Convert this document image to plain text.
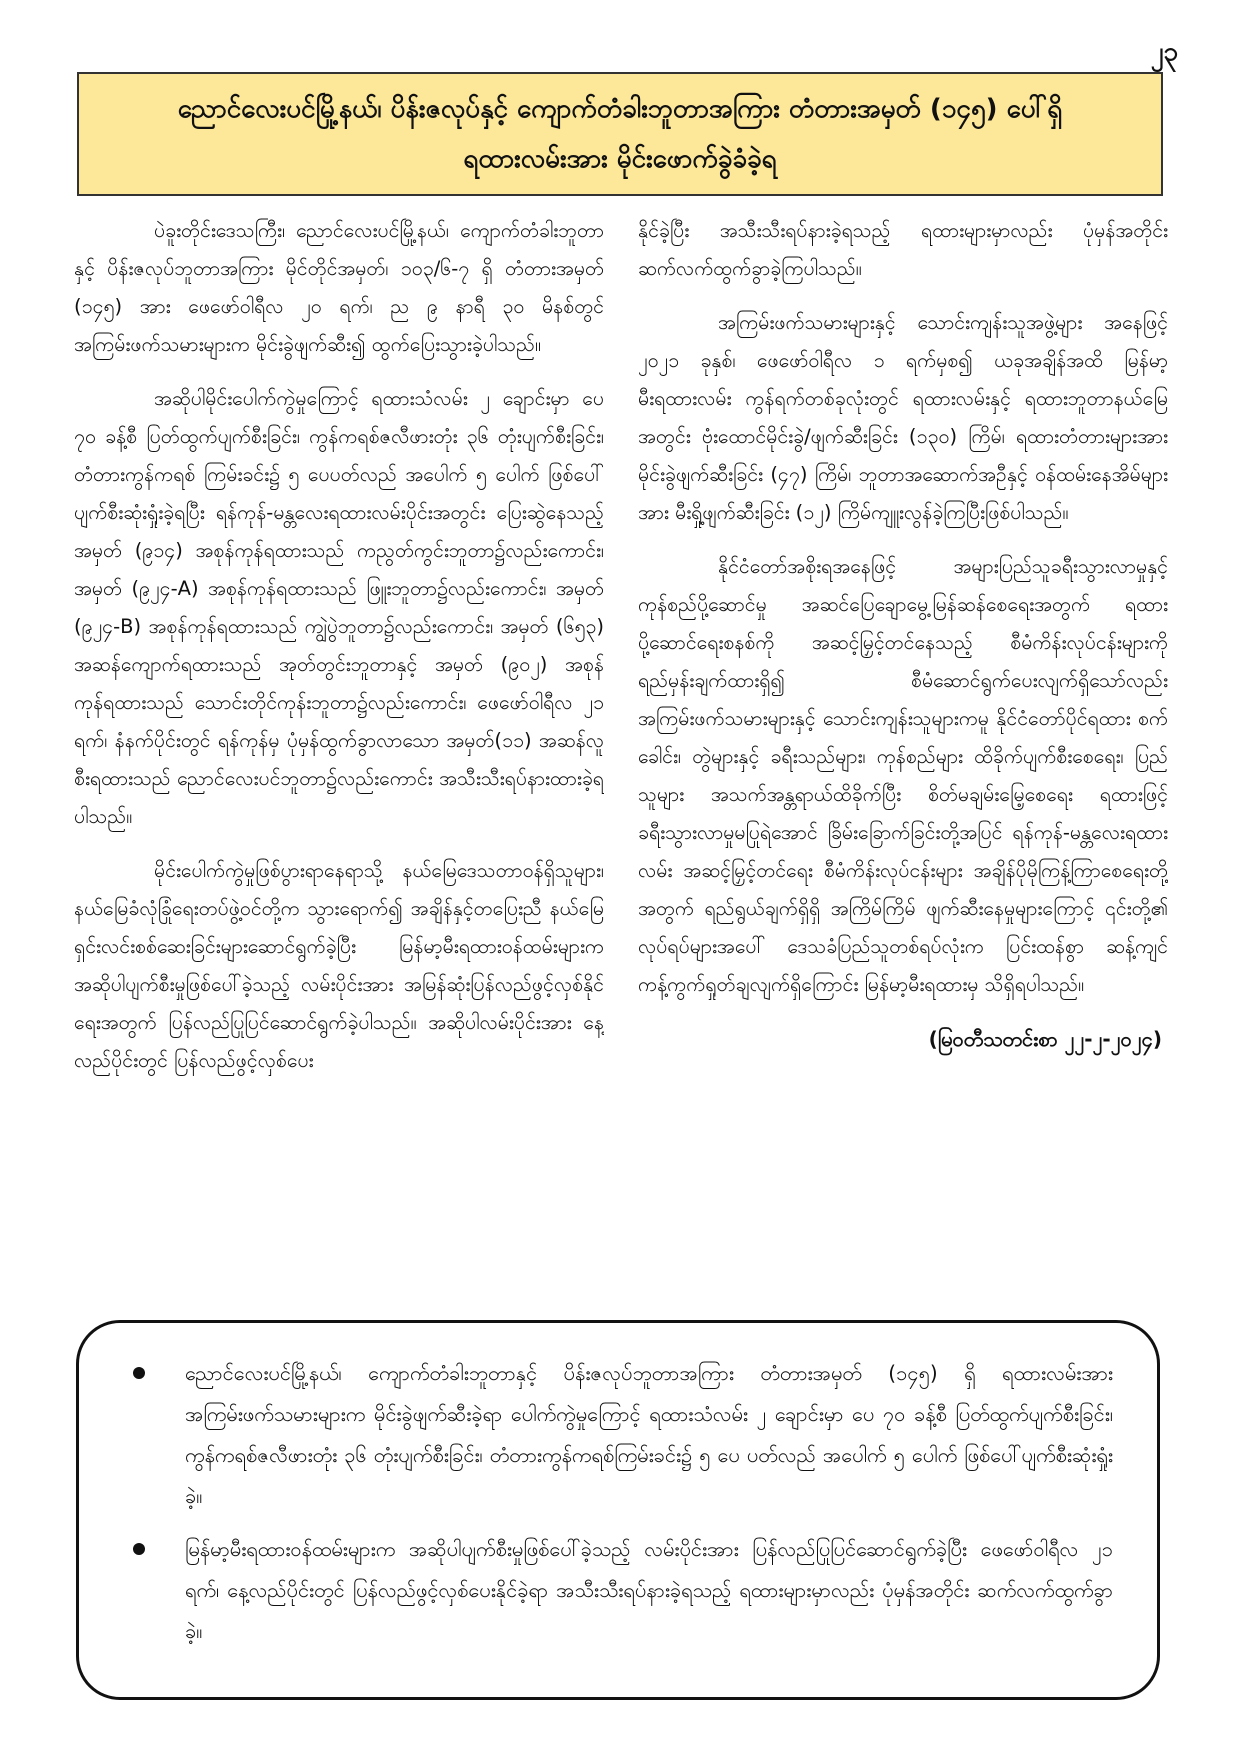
၂၃
ညောင်လေးပင်မြို့နယ်၊ ပိန်းဇလုပ်နှင့် ကျောက်တံခါးဘူတာအကြား တံတားအမှတ် (၁၄၅) ပေါ်ရှိ
ရထားလမ်းအား မိုင်းဖောက်ခွဲခံခဲ့ရ

ပဲခူးတိုင်းဒေသကြီး၊ ညောင်လေးပင်မြို့နယ်၊ ကျောက်တံခါးဘူတာနှင့် ပိန်းဇလုပ်ဘူတာအကြား မိုင်တိုင်အမှတ်၊ ၁၀၃/၆-၇ ရှိ တံတားအမှတ် (၁၄၅) အား ဖေဖော်ဝါရီလ ၂၀ ရက်၊ ည ၉ နာရီ ၃၀ မိနစ်တွင် အကြမ်းဖက်သမားများက မိုင်းခွဲဖျက်ဆီး၍ ထွက်ပြေးသွားခဲ့ပါသည်။

အဆိုပါမိုင်းပေါက်ကွဲမှုကြောင့် ရထားသံလမ်း ၂ ချောင်းမှာ ပေ ၇၀ ခန့်စီ ပြတ်ထွက်ပျက်စီးခြင်း၊ ကွန်ကရစ်ဇလီဖားတုံး ၃၆ တုံးပျက်စီးခြင်း၊ တံတားကွန်ကရစ် ကြမ်းခင်း၌ ၅ ပေပတ်လည် အပေါက် ၅ ပေါက် ဖြစ်ပေါ်ပျက်စီးဆုံးရှုံးခဲ့ရပြီး ရန်ကုန်-မန္တလေးရထားလမ်းပိုင်းအတွင်း ပြေးဆွဲနေသည့် အမှတ် (၉၁၄) အစုန်ကုန်ရထားသည် ကညွတ်ကွင်းဘူတာ၌လည်းကောင်း၊ အမှတ် (၉၂၄-A) အစုန်ကုန်ရထားသည် ဖြူးဘူတာ၌လည်းကောင်း၊ အမှတ် (၉၂၄-B) အစုန်ကုန်ရထားသည် ကျွဲပွဲဘူတာ၌လည်းကောင်း၊ အမှတ် (၆၅၃) အဆန်ကျောက်ရထားသည် အုတ်တွင်းဘူတာနှင့် အမှတ် (၉၀၂) အစုန်ကုန်ရထားသည် သောင်းတိုင်ကုန်းဘူတာ၌လည်းကောင်း၊ ဖေဖော်ဝါရီလ ၂၁ ရက်၊ နံနက်ပိုင်းတွင် ရန်ကုန်မှ ပုံမှန်ထွက်ခွာလာသော အမှတ်(၁၁) အဆန်လူစီးရထားသည် ညောင်လေးပင်ဘူတာ၌လည်းကောင်း အသီးသီးရပ်နားထားခဲ့ရပါသည်။

မိုင်းပေါက်ကွဲမှုဖြစ်ပွားရာနေရာသို့ နယ်မြေဒေသတာဝန်ရှိသူများ၊ နယ်မြေခံလုံခြုံရေးတပ်ဖွဲ့ဝင်တို့က သွားရောက်၍ အချိန်နှင့်တပြေးညီ နယ်မြေရှင်းလင်းစစ်ဆေးခြင်းများဆောင်ရွက်ခဲ့ပြီး မြန်မာ့မီးရထားဝန်ထမ်းများက အဆိုပါပျက်စီးမှုဖြစ်ပေါ်ခဲ့သည့် လမ်းပိုင်းအား အမြန်ဆုံးပြန်လည်ဖွင့်လှစ်နိုင်ရေးအတွက် ပြန်လည်ပြုပြင်ဆောင်ရွက်ခဲ့ပါသည်။ အဆိုပါလမ်းပိုင်းအား နေ့လည်ပိုင်းတွင် ပြန်လည်ဖွင့်လှစ်ပေး

နိုင်ခဲ့ပြီး အသီးသီးရပ်နားခဲ့ရသည့် ရထားများမှာလည်း ပုံမှန်အတိုင်း ဆက်လက်ထွက်ခွာခဲ့ကြပါသည်။

အကြမ်းဖက်သမားများနှင့် သောင်းကျန်းသူအဖွဲ့များ အနေဖြင့် ၂၀၂၁ ခုနှစ်၊ ဖေဖော်ဝါရီလ ၁ ရက်မှစ၍ ယခုအချိန်အထိ မြန်မာ့မီးရထားလမ်း ကွန်ရက်တစ်ခုလုံးတွင် ရထားလမ်းနှင့် ရထားဘူတာနယ်မြေအတွင်း ဗုံးထောင်မိုင်းခွဲ/ဖျက်ဆီးခြင်း (၁၃၀) ကြိမ်၊ ရထားတံတားများအား မိုင်းခွဲဖျက်ဆီးခြင်း (၄၇) ကြိမ်၊ ဘူတာအဆောက်အဦနှင့် ဝန်ထမ်းနေအိမ်များအား မီးရှို့ဖျက်ဆီးခြင်း (၁၂) ကြိမ်ကျူးလွန်ခဲ့ကြပြီးဖြစ်ပါသည်။

နိုင်ငံတော်အစိုးရအနေဖြင့် အများပြည်သူခရီးသွားလာမှုနှင့် ကုန်စည်ပို့ဆောင်မှု အဆင်ပြေချောမွေ့မြန်ဆန်စေရေးအတွက် ရထားပို့ဆောင်ရေးစနစ်ကို အဆင့်မြှင့်တင်နေသည့် စီမံကိန်းလုပ်ငန်းများကို ရည်မှန်းချက်ထားရှိ၍ စီမံဆောင်ရွက်ပေးလျက်ရှိသော်လည်း အကြမ်းဖက်သမားများနှင့် သောင်းကျန်းသူများကမူ နိုင်ငံတော်ပိုင်ရထား စက်ခေါင်း၊ တွဲများနှင့် ခရီးသည်များ၊ ကုန်စည်များ ထိခိုက်ပျက်စီးစေရေး၊ ပြည်သူများ အသက်အန္တရာယ်ထိခိုက်ပြီး စိတ်မချမ်းမြေ့စေရေး ရထားဖြင့် ခရီးသွားလာမှုမပြုရဲအောင် ခြိမ်းခြောက်ခြင်းတို့အပြင် ရန်ကုန်-မန္တလေးရထားလမ်း အဆင့်မြှင့်တင်ရေး စီမံကိန်းလုပ်ငန်းများ အချိန်ပိုမိုကြန့်ကြာစေရေးတို့အတွက် ရည်ရွယ်ချက်ရှိရှိ အကြိမ်ကြိမ် ဖျက်ဆီးနေမှုများကြောင့် ၎င်းတို့၏ လုပ်ရပ်များအပေါ် ဒေသခံပြည်သူတစ်ရပ်လုံးက ပြင်းထန်စွာ ဆန့်ကျင်ကန့်ကွက်ရှုတ်ချလျက်ရှိကြောင်း မြန်မာ့မီးရထားမှ သိရှိရပါသည်။

(မြဝတီသတင်းစာ ၂၂-၂-၂၀၂၄)
ညောင်လေးပင်မြို့နယ်၊ ကျောက်တံခါးဘူတာနှင့် ပိန်းဇလုပ်ဘူတာအကြား တံတားအမှတ် (၁၄၅) ရှိ ရထားလမ်းအား အကြမ်းဖက်သမားများက မိုင်းခွဲဖျက်ဆီးခဲ့ရာ ပေါက်ကွဲမှုကြောင့် ရထားသံလမ်း ၂ ချောင်းမှာ ပေ ၇၀ ခန့်စီ ပြတ်ထွက်ပျက်စီးခြင်း၊ ကွန်ကရစ်ဇလီဖားတုံး ၃၆ တုံးပျက်စီးခြင်း၊ တံတားကွန်ကရစ်ကြမ်းခင်း၌ ၅ ပေ ပတ်လည် အပေါက် ၅ ပေါက် ဖြစ်ပေါ်ပျက်စီးဆုံးရှုံးခဲ့။
မြန်မာ့မီးရထားဝန်ထမ်းများက အဆိုပါပျက်စီးမှုဖြစ်ပေါ်ခဲ့သည့် လမ်းပိုင်းအား ပြန်လည်ပြုပြင်ဆောင်ရွက်ခဲ့ပြီး ဖေဖော်ဝါရီလ ၂၁ ရက်၊ နေ့လည်ပိုင်းတွင် ပြန်လည်ဖွင့်လှစ်ပေးနိုင်ခဲ့ရာ အသီးသီးရပ်နားခဲ့ရသည့် ရထားများမှာလည်း ပုံမှန်အတိုင်း ဆက်လက်ထွက်ခွာခဲ့။
